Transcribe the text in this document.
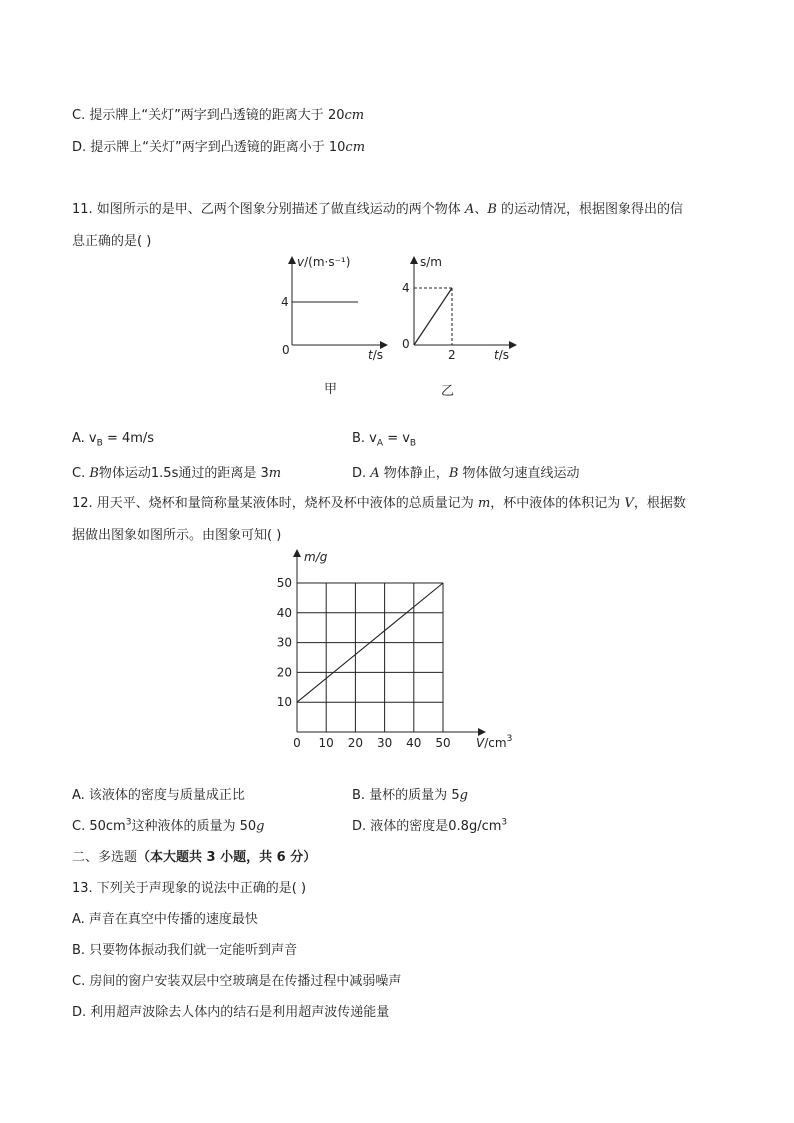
C. 提示牌上“关灯”两字到凸透镜的距离大于 20cm
D. 提示牌上“关灯”两字到凸透镜的距离小于 10cm
11. 如图所示的是甲、乙两个图象分别描述了做直线运动的两个物体 A、B 的运动情况，根据图象得出的信
息正确的是( )
v/(m·s⁻¹)
4
0	t/s
甲
s/m
4
0
2	t/s
乙
A. $v_B = 4m/s$	B. $v_A = v_B$
C. B物体运动1.5s通过的距离是 3m	D. A 物体静止，B 物体做匀速直线运动
12. 用天平、烧杯和量筒称量某液体时，烧杯及杯中液体的总质量记为 m，杯中液体的体积记为 V，根据数
据做出图象如图所示。由图象可知( )
0 10 20 30 40 50
10
20
30
40
50
m/g
$V/cm^3$
A. 该液体的密度与质量成正比	B. 量杯的质量为 5g
C. $50cm^3$这种液体的质量为 50g	D. 液体的密度是$0.8g/cm^3$
二、多选题（本大题共 3 小题，共 6 分）
13. 下列关于声现象的说法中正确的是( )
A. 声音在真空中传播的速度最快
B. 只要物体振动我们就一定能听到声音
C. 房间的窗户安装双层中空玻璃是在传播过程中减弱噪声
D. 利用超声波除去人体内的结石是利用超声波传递能量
